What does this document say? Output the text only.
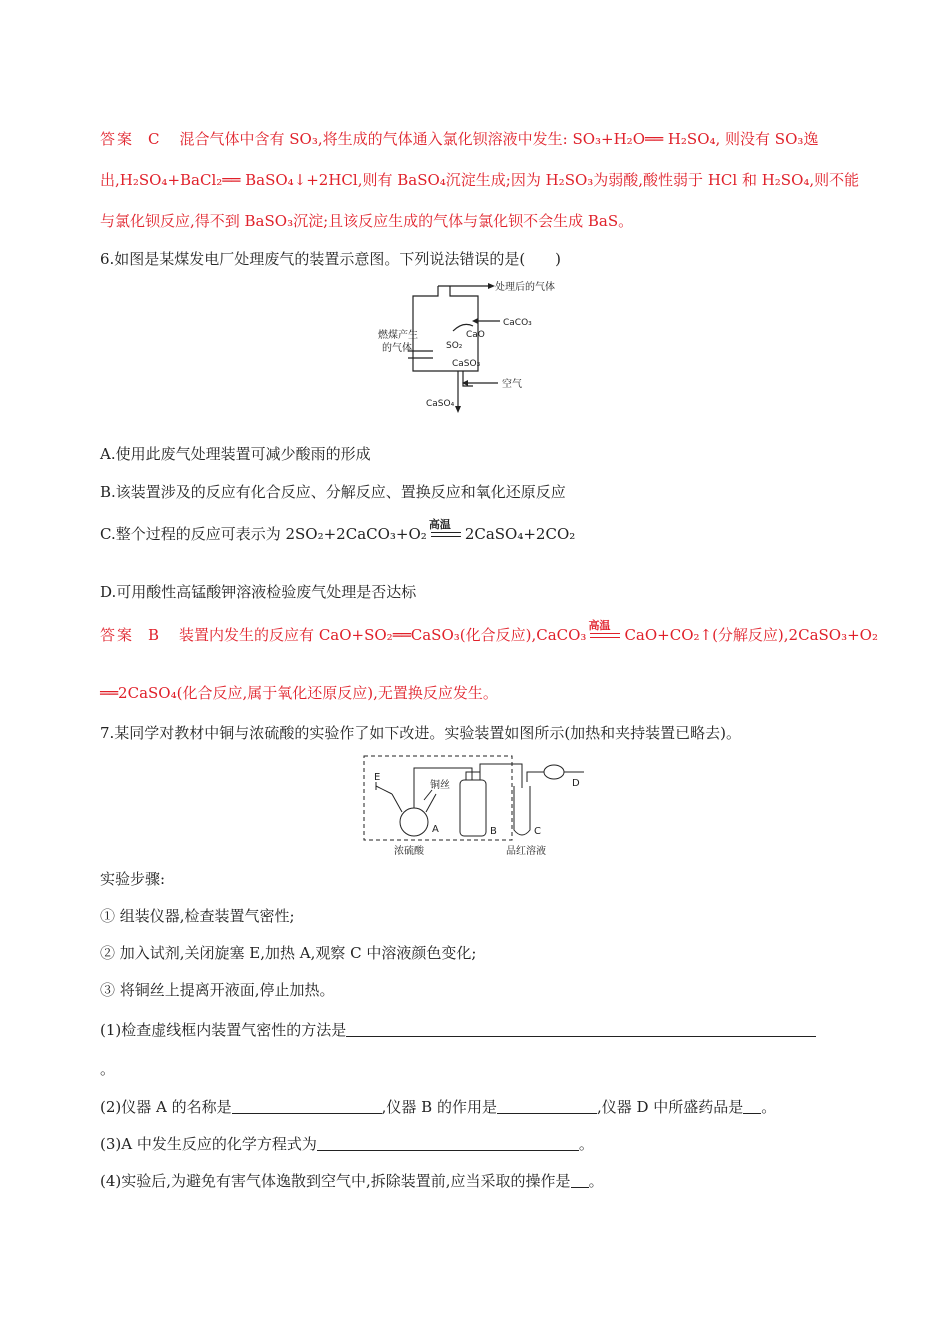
答案 C 混合气体中含有 SO₃,将生成的气体通入氯化钡溶液中发生: SO₃+H₂O══ H₂SO₄, 则没有 SO₃逸
出,H₂SO₄+BaCl₂══ BaSO₄↓+2HCl,则有 BaSO₄沉淀生成;因为 H₂SO₃为弱酸,酸性弱于 HCl 和 H₂SO₄,则不能
与氯化钡反应,得不到 BaSO₃沉淀;且该反应生成的气体与氯化钡不会生成 BaS。
6.如图是某煤发电厂处理废气的装置示意图。下列说法错误的是(　　)
处理后的气体
CaCO₃
CaO
燃煤产生
的气体	SO₂
CaSO₃
空气
CaSO₄
A.使用此废气处理装置可减少酸雨的形成
B.该装置涉及的反应有化合反应、分解反应、置换反应和氧化还原反应
C.整个过程的反应可表示为 2SO₂+2CaCO₃+O₂
高温
2CaSO₄+2CO₂
D.可用酸性高锰酸钾溶液检验废气处理是否达标
答案 B 装置内发生的反应有 CaO+SO₂══CaSO₃(化合反应),CaCO₃
高温
CaO+CO₂↑(分解反应),2CaSO₃+O₂
══2CaSO₄(化合反应,属于氧化还原反应),无置换反应发生。
7.某同学对教材中铜与浓硫酸的实验作了如下改进。实验装置如图所示(加热和夹持装置已略去)。
E
铜丝
A	B	C
D
浓硫酸	品红溶液
实验步骤:
① 组装仪器,检查装置气密性;
② 加入试剂,关闭旋塞 E,加热 A,观察 C 中溶液颜色变化;
③ 将铜丝上提离开液面,停止加热。
(1)检查虚线框内装置气密性的方法是
。
(2)仪器 A 的名称是	,仪器 B 的作用是	,仪器 D 中所盛药品是 。
(3)A 中发生反应的化学方程式为	。
(4)实验后,为避免有害气体逸散到空气中,拆除装置前,应当采取的操作是 。
